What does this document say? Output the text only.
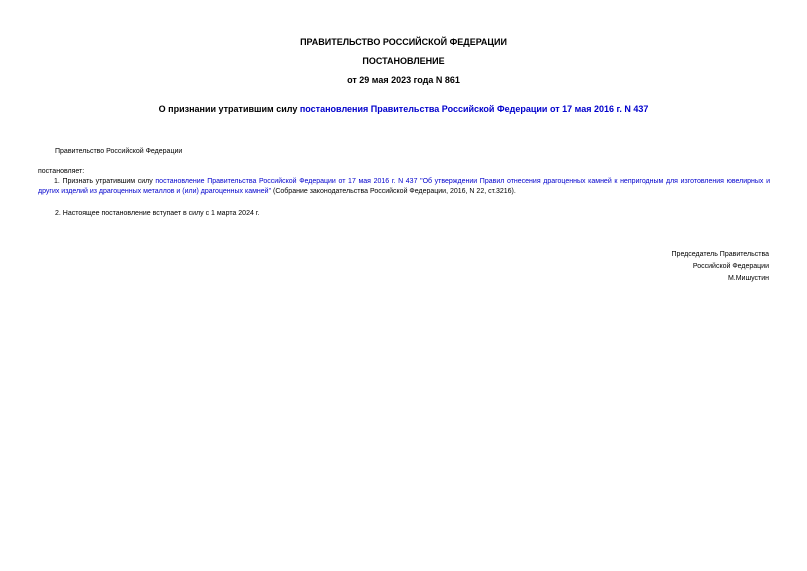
ПРАВИТЕЛЬСТВО РОССИЙСКОЙ ФЕДЕРАЦИИ
ПОСТАНОВЛЕНИЕ
от 29 мая 2023 года N 861
О признании утратившим силу постановления Правительства Российской Федерации от 17 мая 2016 г. N 437
Правительство Российской Федерации
постановляет:
1. Признать утратившим силу постановление Правительства Российской Федерации от 17 мая 2016 г. N 437 "Об утверждении Правил отнесения драгоценных камней к непригодным для изготовления ювелирных и других изделий из драгоценных металлов и (или) драгоценных камней" (Собрание законодательства Российской Федерации, 2016, N 22, ст.3216).
2. Настоящее постановление вступает в силу с 1 марта 2024 г.
Председатель Правительства
Российской Федерации
М.Мишустин
